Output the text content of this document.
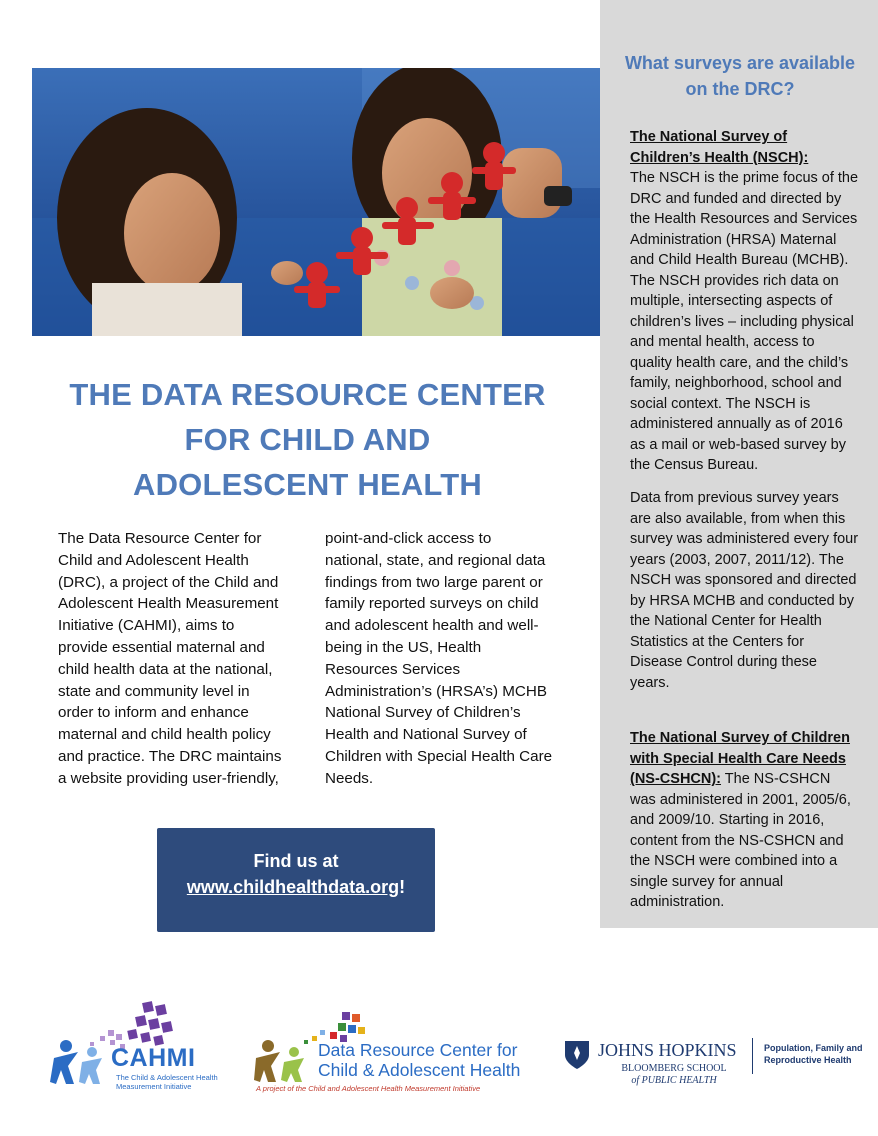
What surveys are available
on the DRC?
The National Survey of
Children’s Health (NSCH):
The NSCH is the prime focus of the
DRC and funded and directed by
the Health Resources and Services
Administration (HRSA) Maternal
and Child Health Bureau (MCHB).
The NSCH provides rich data on
multiple, intersecting aspects of
children’s lives – including physical
and mental health, access to
quality health care, and the child’s
family, neighborhood, school and
social context. The NSCH is
administered annually as of 2016
as a mail or web-based survey by
the Census Bureau.
Data from previous survey years
are also available, from when this
survey was administered every four
years (2003, 2007, 2011/12). The
NSCH was sponsored and directed
by HRSA MCHB and conducted by
the National Center for Health
Statistics at the Centers for
Disease Control during these
years.
The National Survey of Children
with Special Health Care Needs
(NS-CSHCN): The NS-CSHCN
was administered in 2001, 2005/6,
and 2009/10. Starting in 2016,
content from the NS-CSHCN and
the NSCH were combined into a
single survey for annual
administration.
THE DATA RESOURCE CENTER
FOR CHILD AND
ADOLESCENT HEALTH
The Data Resource Center for
Child and Adolescent Health
(DRC), a project of the Child and
Adolescent Health Measurement
Initiative (CAHMI), aims to
provide essential maternal and
child health data at the national,
state and community level in
order to inform and enhance
maternal and child health policy
and practice. The DRC maintains
a website providing user-friendly,
point-and-click access to
national, state, and regional data
findings from two large parent or
family reported surveys on child
and adolescent health and well-
being in the US, Health
Resources Services
Administration’s (HRSA’s) MCHB
National Survey of Children’s
Health and National Survey of
Children with Special Health Care
Needs.
Find us at
www.childhealthdata.org!
CAHMI
The Child & Adolescent Health
Measurement Initiative
Data Resource Center for
Child & Adolescent Health
A project of the Child and Adolescent Health Measurement Initiative
JOHNS HOPKINS
BLOOMBERG SCHOOL
of PUBLIC HEALTH
Population, Family and
Reproductive Health
